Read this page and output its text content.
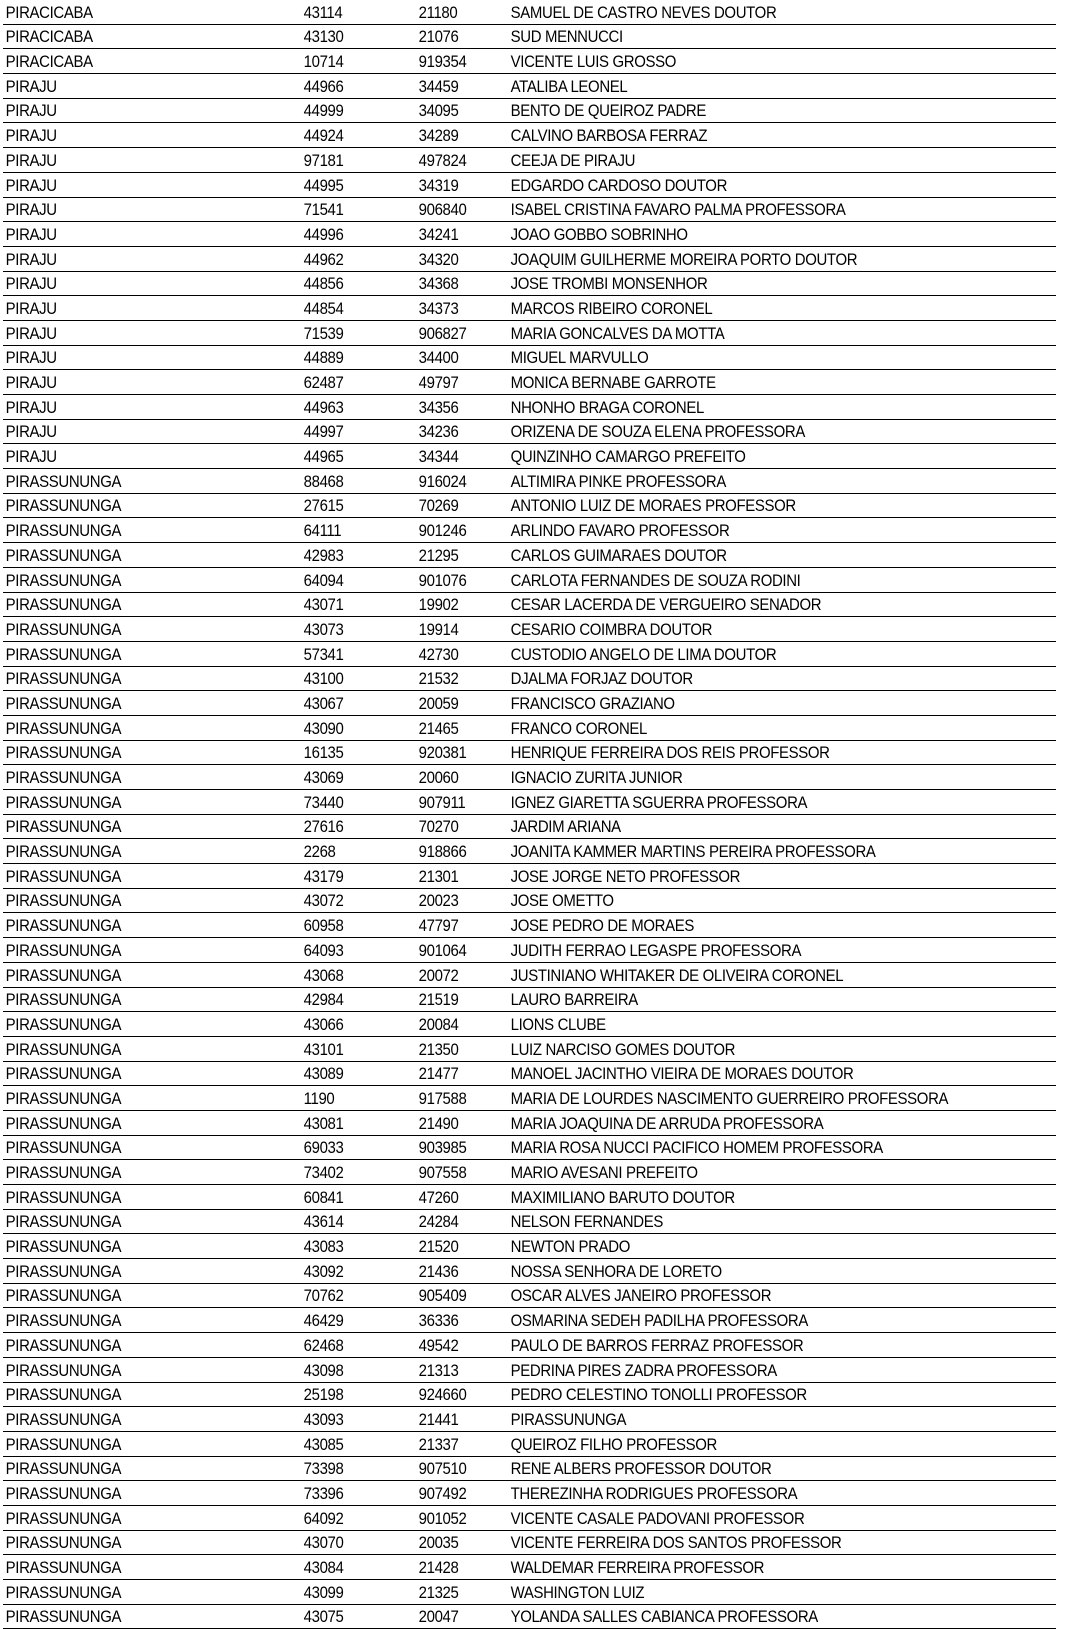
PIRACICABA	43114	21180	SAMUEL DE CASTRO NEVES DOUTOR
PIRACICABA	43130	21076	SUD MENNUCCI
PIRACICABA	10714	919354	VICENTE LUIS GROSSO
PIRAJU	44966	34459	ATALIBA LEONEL
PIRAJU	44999	34095	BENTO DE QUEIROZ PADRE
PIRAJU	44924	34289	CALVINO BARBOSA FERRAZ
PIRAJU	97181	497824	CEEJA DE PIRAJU
PIRAJU	44995	34319	EDGARDO CARDOSO DOUTOR
PIRAJU	71541	906840	ISABEL CRISTINA FAVARO PALMA PROFESSORA
PIRAJU	44996	34241	JOAO GOBBO SOBRINHO
PIRAJU	44962	34320	JOAQUIM GUILHERME MOREIRA PORTO DOUTOR
PIRAJU	44856	34368	JOSE TROMBI MONSENHOR
PIRAJU	44854	34373	MARCOS RIBEIRO CORONEL
PIRAJU	71539	906827	MARIA GONCALVES DA MOTTA
PIRAJU	44889	34400	MIGUEL MARVULLO
PIRAJU	62487	49797	MONICA BERNABE GARROTE
PIRAJU	44963	34356	NHONHO BRAGA CORONEL
PIRAJU	44997	34236	ORIZENA DE SOUZA ELENA PROFESSORA
PIRAJU	44965	34344	QUINZINHO CAMARGO PREFEITO
PIRASSUNUNGA	88468	916024	ALTIMIRA PINKE PROFESSORA
PIRASSUNUNGA	27615	70269	ANTONIO LUIZ DE MORAES PROFESSOR
PIRASSUNUNGA	64111	901246	ARLINDO FAVARO PROFESSOR
PIRASSUNUNGA	42983	21295	CARLOS GUIMARAES DOUTOR
PIRASSUNUNGA	64094	901076	CARLOTA FERNANDES DE SOUZA RODINI
PIRASSUNUNGA	43071	19902	CESAR LACERDA DE VERGUEIRO SENADOR
PIRASSUNUNGA	43073	19914	CESARIO COIMBRA DOUTOR
PIRASSUNUNGA	57341	42730	CUSTODIO ANGELO DE LIMA DOUTOR
PIRASSUNUNGA	43100	21532	DJALMA FORJAZ DOUTOR
PIRASSUNUNGA	43067	20059	FRANCISCO GRAZIANO
PIRASSUNUNGA	43090	21465	FRANCO CORONEL
PIRASSUNUNGA	16135	920381	HENRIQUE FERREIRA DOS REIS PROFESSOR
PIRASSUNUNGA	43069	20060	IGNACIO ZURITA JUNIOR
PIRASSUNUNGA	73440	907911	IGNEZ GIARETTA SGUERRA PROFESSORA
PIRASSUNUNGA	27616	70270	JARDIM ARIANA
PIRASSUNUNGA	2268	918866	JOANITA KAMMER MARTINS PEREIRA PROFESSORA
PIRASSUNUNGA	43179	21301	JOSE JORGE NETO PROFESSOR
PIRASSUNUNGA	43072	20023	JOSE OMETTO
PIRASSUNUNGA	60958	47797	JOSE PEDRO DE MORAES
PIRASSUNUNGA	64093	901064	JUDITH FERRAO LEGASPE PROFESSORA
PIRASSUNUNGA	43068	20072	JUSTINIANO WHITAKER DE OLIVEIRA CORONEL
PIRASSUNUNGA	42984	21519	LAURO BARREIRA
PIRASSUNUNGA	43066	20084	LIONS CLUBE
PIRASSUNUNGA	43101	21350	LUIZ NARCISO GOMES DOUTOR
PIRASSUNUNGA	43089	21477	MANOEL JACINTHO VIEIRA DE MORAES DOUTOR
PIRASSUNUNGA	1190	917588	MARIA DE LOURDES NASCIMENTO GUERREIRO PROFESSORA
PIRASSUNUNGA	43081	21490	MARIA JOAQUINA DE ARRUDA PROFESSORA
PIRASSUNUNGA	69033	903985	MARIA ROSA NUCCI PACIFICO HOMEM PROFESSORA
PIRASSUNUNGA	73402	907558	MARIO AVESANI PREFEITO
PIRASSUNUNGA	60841	47260	MAXIMILIANO BARUTO DOUTOR
PIRASSUNUNGA	43614	24284	NELSON FERNANDES
PIRASSUNUNGA	43083	21520	NEWTON PRADO
PIRASSUNUNGA	43092	21436	NOSSA SENHORA DE LORETO
PIRASSUNUNGA	70762	905409	OSCAR ALVES JANEIRO PROFESSOR
PIRASSUNUNGA	46429	36336	OSMARINA SEDEH PADILHA PROFESSORA
PIRASSUNUNGA	62468	49542	PAULO DE BARROS FERRAZ PROFESSOR
PIRASSUNUNGA	43098	21313	PEDRINA PIRES ZADRA PROFESSORA
PIRASSUNUNGA	25198	924660	PEDRO CELESTINO TONOLLI PROFESSOR
PIRASSUNUNGA	43093	21441	PIRASSUNUNGA
PIRASSUNUNGA	43085	21337	QUEIROZ FILHO PROFESSOR
PIRASSUNUNGA	73398	907510	RENE ALBERS PROFESSOR DOUTOR
PIRASSUNUNGA	73396	907492	THEREZINHA RODRIGUES PROFESSORA
PIRASSUNUNGA	64092	901052	VICENTE CASALE PADOVANI PROFESSOR
PIRASSUNUNGA	43070	20035	VICENTE FERREIRA DOS SANTOS PROFESSOR
PIRASSUNUNGA	43084	21428	WALDEMAR FERREIRA PROFESSOR
PIRASSUNUNGA	43099	21325	WASHINGTON LUIZ
PIRASSUNUNGA	43075	20047	YOLANDA SALLES CABIANCA PROFESSORA
